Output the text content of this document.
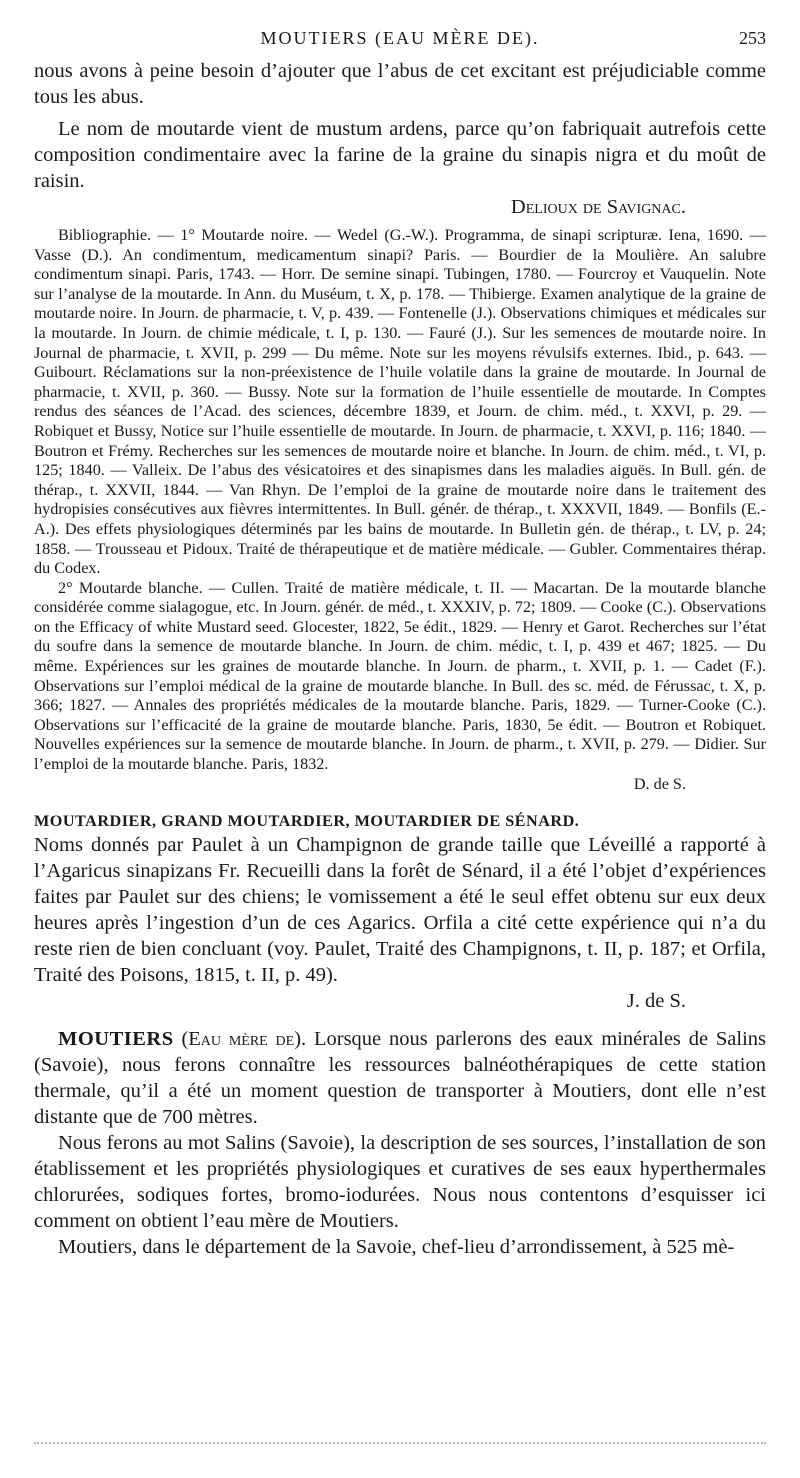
MOUTIERS (EAU MÈRE DE).	253

nous avons à peine besoin d’ajouter que l’abus de cet excitant est préjudiciable comme tous les abus.

Le nom de moutarde vient de mustum ardens, parce qu’on fabriquait autrefois cette composition condimentaire avec la farine de la graine du sinapis nigra et du moût de raisin.

Delioux de Savignac.

Bibliographie. — 1° Moutarde noire. — Wedel (G.-W.). Programma, de sinapi scripturæ. Iena, 1690. — Vasse (D.). An condimentum, medicamentum sinapi? Paris. — Bourdier de la Moulière. An salubre condimentum sinapi. Paris, 1743. — Horr. De semine sinapi. Tubingen, 1780. — Fourcroy et Vauquelin. Note sur l’analyse de la moutarde. In Ann. du Muséum, t. X, p. 178. — Thibierge. Examen analytique de la graine de moutarde noire. In Journ. de pharmacie, t. V, p. 439. — Fontenelle (J.). Observations chimiques et médicales sur la moutarde. In Journ. de chimie médicale, t. I, p. 130. — Fauré (J.). Sur les semences de moutarde noire. In Journal de pharmacie, t. XVII, p. 299 — Du même. Note sur les moyens révulsifs externes. Ibid., p. 643. — Guibourt. Réclamations sur la non-préexistence de l’huile volatile dans la graine de moutarde. In Journal de pharmacie, t. XVII, p. 360. — Bussy. Note sur la formation de l’huile essentielle de moutarde. In Comptes rendus des séances de l’Acad. des sciences, décembre 1839, et Journ. de chim. méd., t. XXVI, p. 29. — Robiquet et Bussy, Notice sur l’huile essentielle de moutarde. In Journ. de pharmacie, t. XXVI, p. 116; 1840. — Boutron et Frémy. Recherches sur les semences de moutarde noire et blanche. In Journ. de chim. méd., t. VI, p. 125; 1840. — Valleix. De l’abus des vésicatoires et des sinapismes dans les maladies aiguës. In Bull. gén. de thérap., t. XXVII, 1844. — Van Rhyn. De l’emploi de la graine de moutarde noire dans le traitement des hydropisies consécutives aux fièvres intermittentes. In Bull. génér. de thérap., t. XXXVII, 1849. — Bonfils (E.-A.). Des effets physiologiques déterminés par les bains de moutarde. In Bulletin gén. de thérap., t. LV, p. 24; 1858. — Trousseau et Pidoux. Traité de thérapeutique et de matière médicale. — Gubler. Commentaires thérap. du Codex.

2° Moutarde blanche. — Cullen. Traité de matière médicale, t. II. — Macartan. De la moutarde blanche considérée comme sialagogue, etc. In Journ. génér. de méd., t. XXXIV, p. 72; 1809. — Cooke (C.). Observations on the Efficacy of white Mustard seed. Glocester, 1822, 5e édit., 1829. — Henry et Garot. Recherches sur l’état du soufre dans la semence de moutarde blanche. In Journ. de chim. médic, t. I, p. 439 et 467; 1825. — Du même. Expériences sur les graines de moutarde blanche. In Journ. de pharm., t. XVII, p. 1. — Cadet (F.). Observations sur l’emploi médical de la graine de moutarde blanche. In Bull. des sc. méd. de Férussac, t. X, p. 366; 1827. — Annales des propriétés médicales de la moutarde blanche. Paris, 1829. — Turner-Cooke (C.). Observations sur l’efficacité de la graine de moutarde blanche. Paris, 1830, 5e édit. — Boutron et Robiquet. Nouvelles expériences sur la semence de moutarde blanche. In Journ. de pharm., t. XVII, p. 279. — Didier. Sur l’emploi de la moutarde blanche. Paris, 1832.

D. de S.

MOUTARDIER, GRAND MOUTARDIER, MOUTARDIER DE SÉNARD.

Noms donnés par Paulet à un Champignon de grande taille que Léveillé a rapporté à l’Agaricus sinapizans Fr. Recueilli dans la forêt de Sénard, il a été l’objet d’expériences faites par Paulet sur des chiens; le vomissement a été le seul effet obtenu sur eux deux heures après l’ingestion d’un de ces Agarics. Orfila a cité cette expérience qui n’a du reste rien de bien concluant (voy. Paulet, Traité des Champignons, t. II, p. 187; et Orfila, Traité des Poisons, 1815, t. II, p. 49).

J. de S.

MOUTIERS (Eau mère de). Lorsque nous parlerons des eaux minérales de Salins (Savoie), nous ferons connaître les ressources balnéothérapiques de cette station thermale, qu’il a été un moment question de transporter à Moutiers, dont elle n’est distante que de 700 mètres.

Nous ferons au mot Salins (Savoie), la description de ses sources, l’installation de son établissement et les propriétés physiologiques et curatives de ses eaux hyperthermales chlorurées, sodiques fortes, bromo-iodurées. Nous nous contentons d’esquisser ici comment on obtient l’eau mère de Moutiers.

Moutiers, dans le département de la Savoie, chef-lieu d’arrondissement, à 525 mè-
